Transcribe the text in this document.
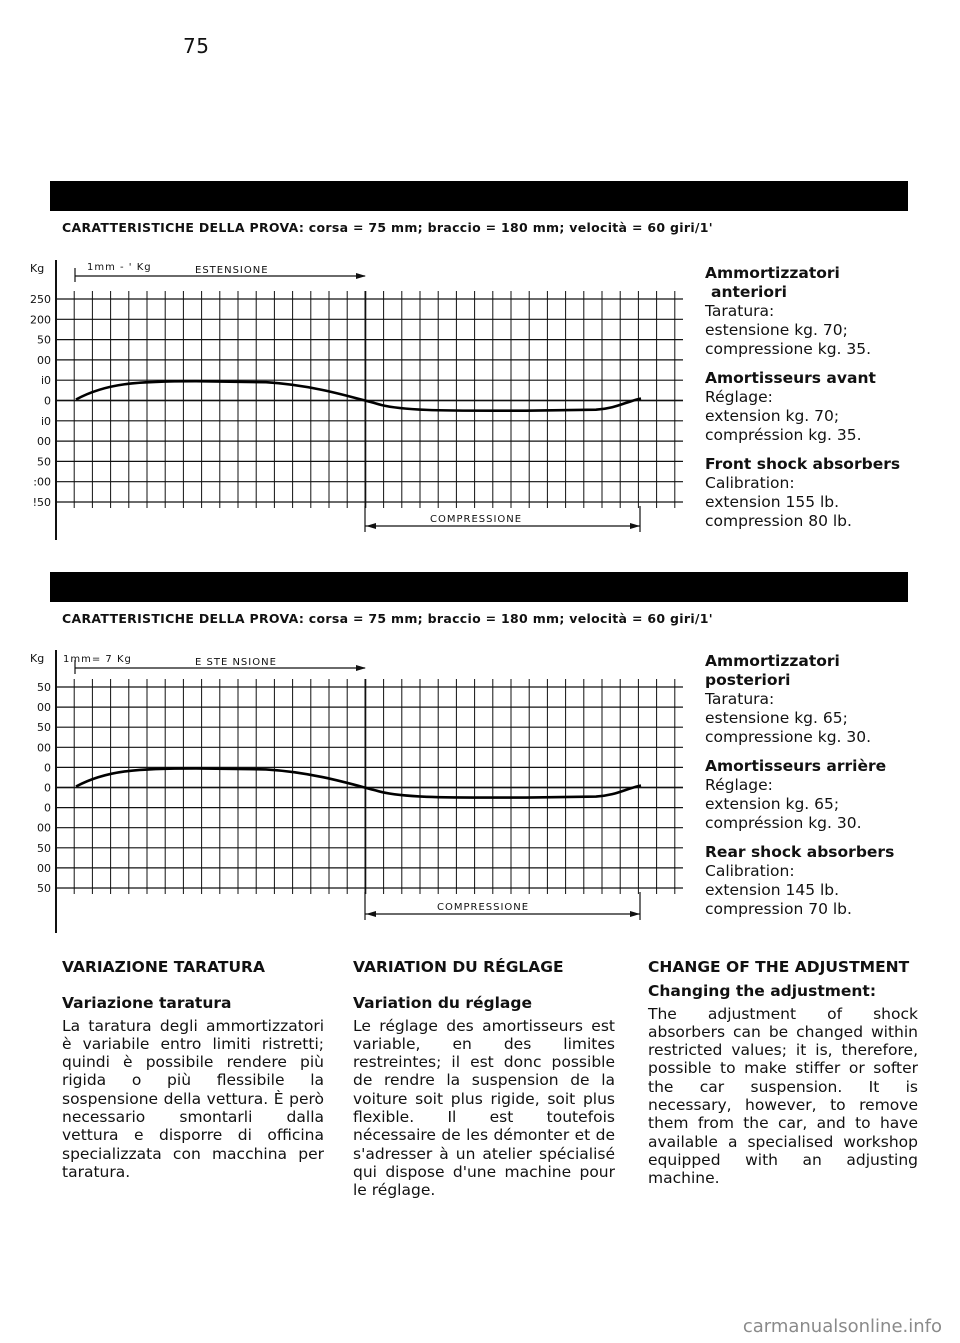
75
CARATTERISTICHE DELLA PROVA: corsa = 75 mm; braccio = 180 mm; velocità = 60 giri/1'
Kg
250
200
50
00
i0
0
i0
00
50
:00
!50
1mm - ' Kg	ESTENSIONE
COMPRESSIONE
Kg
50
00
50
00
0
0
0
00
50
00
50
1mm= 7 Kg	E STE NSIONE
COMPRESSIONE
Ammortizzatori
anteriori
Taratura:
estensione kg. 70;
compressione kg. 35.
Amortisseurs avant
Réglage:
extension kg. 70;
compréssion kg. 35.
Front shock absorbers
Calibration:
extension 155 lb.
compression 80 lb.
CARATTERISTICHE DELLA PROVA: corsa = 75 mm; braccio = 180 mm; velocità = 60 giri/1'
Ammortizzatori
posteriori
Taratura:
estensione kg. 65;
compressione kg. 30.
Amortisseurs arrière
Réglage:
extension kg. 65;
compréssion kg. 30.
Rear shock absorbers
Calibration:
extension 145 lb.
compression 70 lb.
VARIAZIONE TARATURA
Variazione taratura

La taratura degli ammortizzatori è variabile entro limiti ristretti; quindi è possibile rendere più rigida o più flessibile la sospensione della vettura. È però necessario smontarli dalla vettura e disporre di officina specializzata con macchina per taratura.

VARIATION DU RÉGLAGE
Variation du réglage

Le réglage des amortisseurs est variable, en des limites restreintes; il est donc possible de rendre la suspension de la voiture soit plus rigide, soit plus flexible. Il est toutefois nécessaire de les démonter et de s'adresser à un atelier spécialisé qui dispose d'une machine pour le réglage.

CHANGE OF THE ADJUSTMENT
Changing the adjustment:

The adjustment of shock absorbers can be changed within restricted values; it is, therefore, possible to make stiffer or softer the car suspension. It is necessary, however, to remove them from the car, and to have available a specialised workshop equipped with an adjusting machine.

carmanualsonline.info
